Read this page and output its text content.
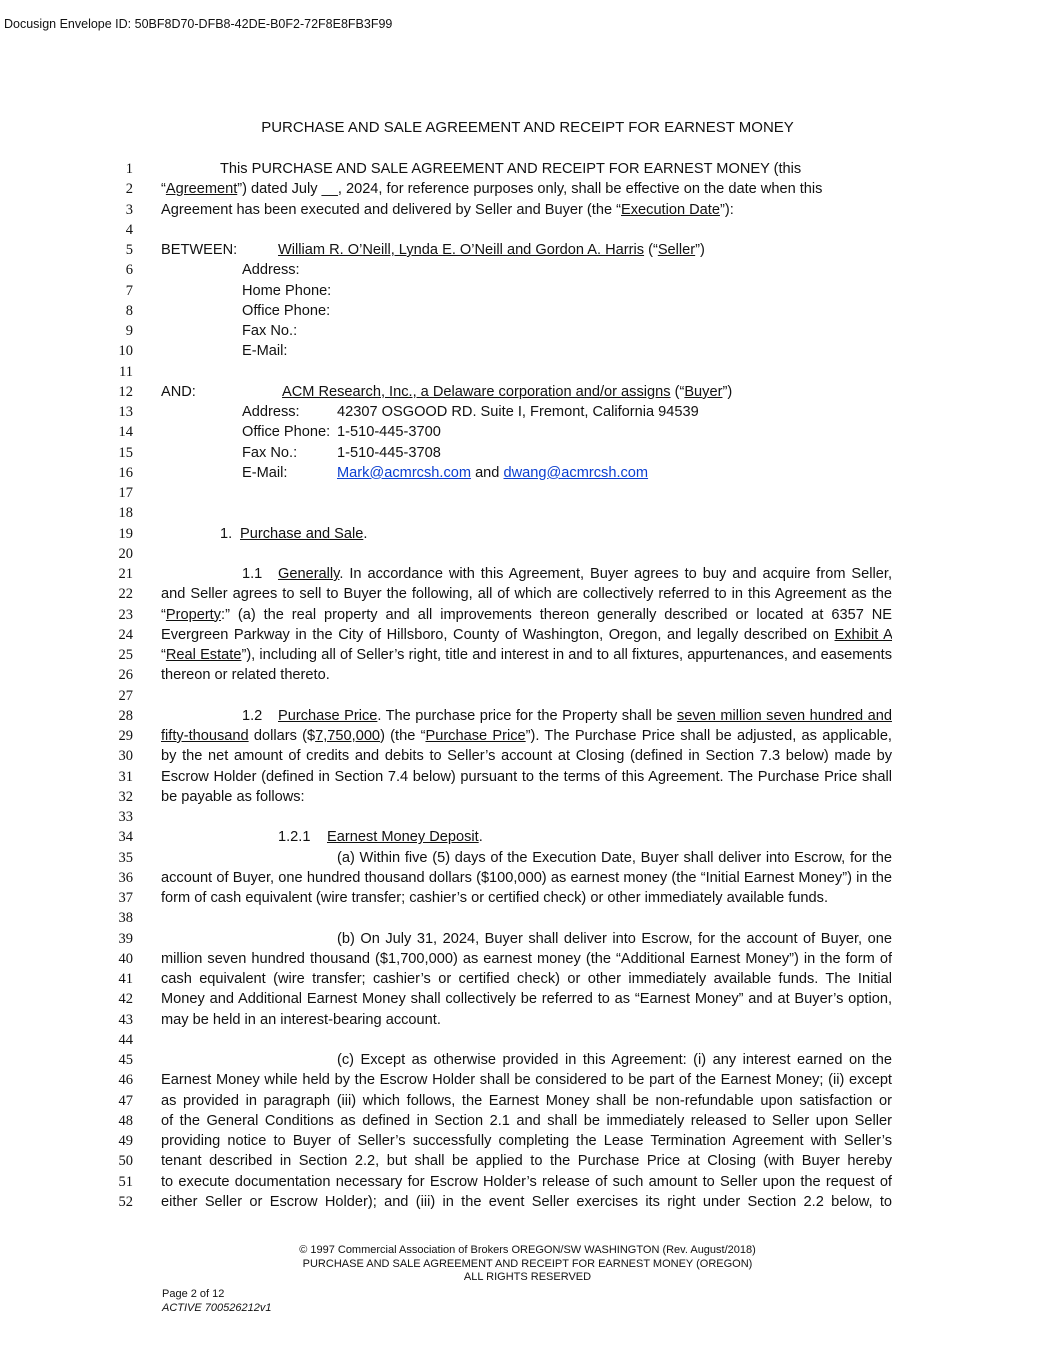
Docusign Envelope ID: 50BF8D70-DFB8-42DE-B0F2-72F8E8FB3F99
PURCHASE AND SALE AGREEMENT AND RECEIPT FOR EARNEST MONEY
1	This PURCHASE AND SALE AGREEMENT AND RECEIPT FOR EARNEST MONEY (this
2 “Agreement”) dated July __, 2024, for reference purposes only, shall be effective on the date when this
3 Agreement has been executed and delivered by Seller and Buyer (the “Execution Date”):
4
5 BETWEEN:	William R. O’Neill, Lynda E. O’Neill and Gordon A. Harris (“Seller”)
6	Address:
7	Home Phone:
8	Office Phone:
9	Fax No.:
10	E-Mail:
11
12 AND:	ACM Research, Inc., a Delaware corporation and/or assigns (“Buyer”)
13	Address:	42307 OSGOOD RD. Suite I, Fremont, California 94539
14	Office Phone: 1-510-445-3700
15	Fax No.:	1-510-445-3708
16	E-Mail:	Mark@acmrcsh.com and dwang@acmrcsh.com
17
18
19	1. Purchase and Sale.
20
21	1.1	Generally. In accordance with this Agreement, Buyer agrees to buy and acquire from Seller,
22 and Seller agrees to sell to Buyer the following, all of which are collectively referred to in this Agreement as the
23 “Property:” (a) the real property and all improvements thereon generally described or located at 6357 NE
24 Evergreen Parkway in the City of Hillsboro, County of Washington, Oregon, and legally described on Exhibit A
25 “Real Estate”), including all of Seller’s right, title and interest in and to all fixtures, appurtenances, and easements
26 thereon or related thereto.
27
28	1.2	Purchase Price. The purchase price for the Property shall be seven million seven hundred and
29 fifty-thousand dollars ($7,750,000) (the “Purchase Price”). The Purchase Price shall be adjusted, as applicable,
30 by the net amount of credits and debits to Seller’s account at Closing (defined in Section 7.3 below) made by
31 Escrow Holder (defined in Section 7.4 below) pursuant to the terms of this Agreement. The Purchase Price shall
32 be payable as follows:
33
34	1.2.1	Earnest Money Deposit.
35	(a) Within five (5) days of the Execution Date, Buyer shall deliver into Escrow, for the
36 account of Buyer, one hundred thousand dollars ($100,000) as earnest money (the “Initial Earnest Money”) in the
37 form of cash equivalent (wire transfer; cashier’s or certified check) or other immediately available funds.
38
39	(b) On July 31, 2024, Buyer shall deliver into Escrow, for the account of Buyer, one
40 million seven hundred thousand ($1,700,000) as earnest money (the “Additional Earnest Money”) in the form of
41 cash equivalent (wire transfer; cashier’s or certified check) or other immediately available funds. The Initial
42 Money and Additional Earnest Money shall collectively be referred to as “Earnest Money” and at Buyer’s option,
43 may be held in an interest-bearing account.
44
45	(c) Except as otherwise provided in this Agreement: (i) any interest earned on the
46 Earnest Money while held by the Escrow Holder shall be considered to be part of the Earnest Money; (ii) except
47 as provided in paragraph (iii) which follows, the Earnest Money shall be non-refundable upon satisfaction or
48 of the General Conditions as defined in Section 2.1 and shall be immediately released to Seller upon Seller
49 providing notice to Buyer of Seller’s successfully completing the Lease Termination Agreement with Seller’s
50 tenant described in Section 2.2, but shall be applied to the Purchase Price at Closing (with Buyer hereby
51 to execute documentation necessary for Escrow Holder’s release of such amount to Seller upon the request of
52 either Seller or Escrow Holder); and (iii) in the event Seller exercises its right under Section 2.2 below, to
© 1997 Commercial Association of Brokers OREGON/SW WASHINGTON (Rev. August/2018)
PURCHASE AND SALE AGREEMENT AND RECEIPT FOR EARNEST MONEY (OREGON)
ALL RIGHTS RESERVED
Page 2 of 12
ACTIVE 700526212v1
